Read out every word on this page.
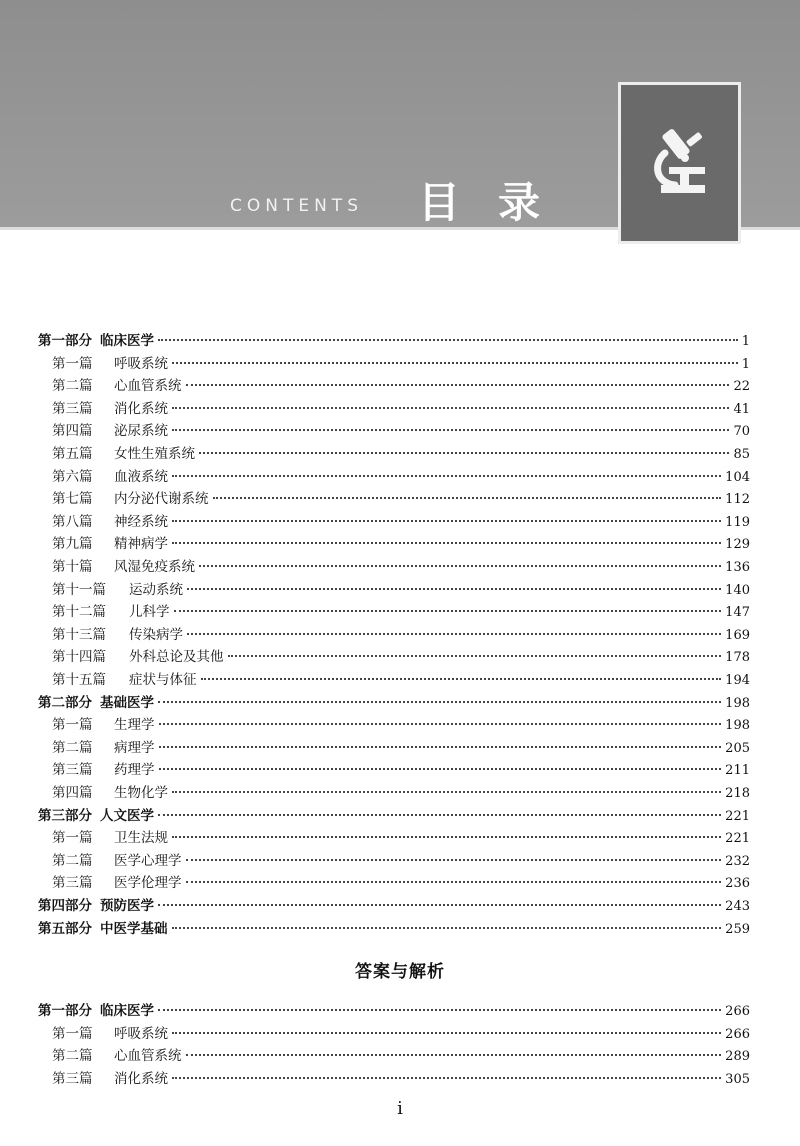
CONTENTS 目录
第一部分 临床医学	1
第一篇 呼吸系统	1
第二篇 心血管系统	22
第三篇 消化系统	41
第四篇 泌尿系统	70
第五篇 女性生殖系统	85
第六篇 血液系统	104
第七篇 内分泌代谢系统	112
第八篇 神经系统	119
第九篇 精神病学	129
第十篇 风湿免疫系统	136
第十一篇 运动系统	140
第十二篇 儿科学	147
第十三篇 传染病学	169
第十四篇 外科总论及其他	178
第十五篇 症状与体征	194
第二部分 基础医学	198
第一篇 生理学	198
第二篇 病理学	205
第三篇 药理学	211
第四篇 生物化学	218
第三部分 人文医学	221
第一篇 卫生法规	221
第二篇 医学心理学	232
第三篇 医学伦理学	236
第四部分 预防医学	243
第五部分 中医学基础	259
答案与解析
第一部分 临床医学	266
第一篇 呼吸系统	266
第二篇 心血管系统	289
第三篇 消化系统	305
i
